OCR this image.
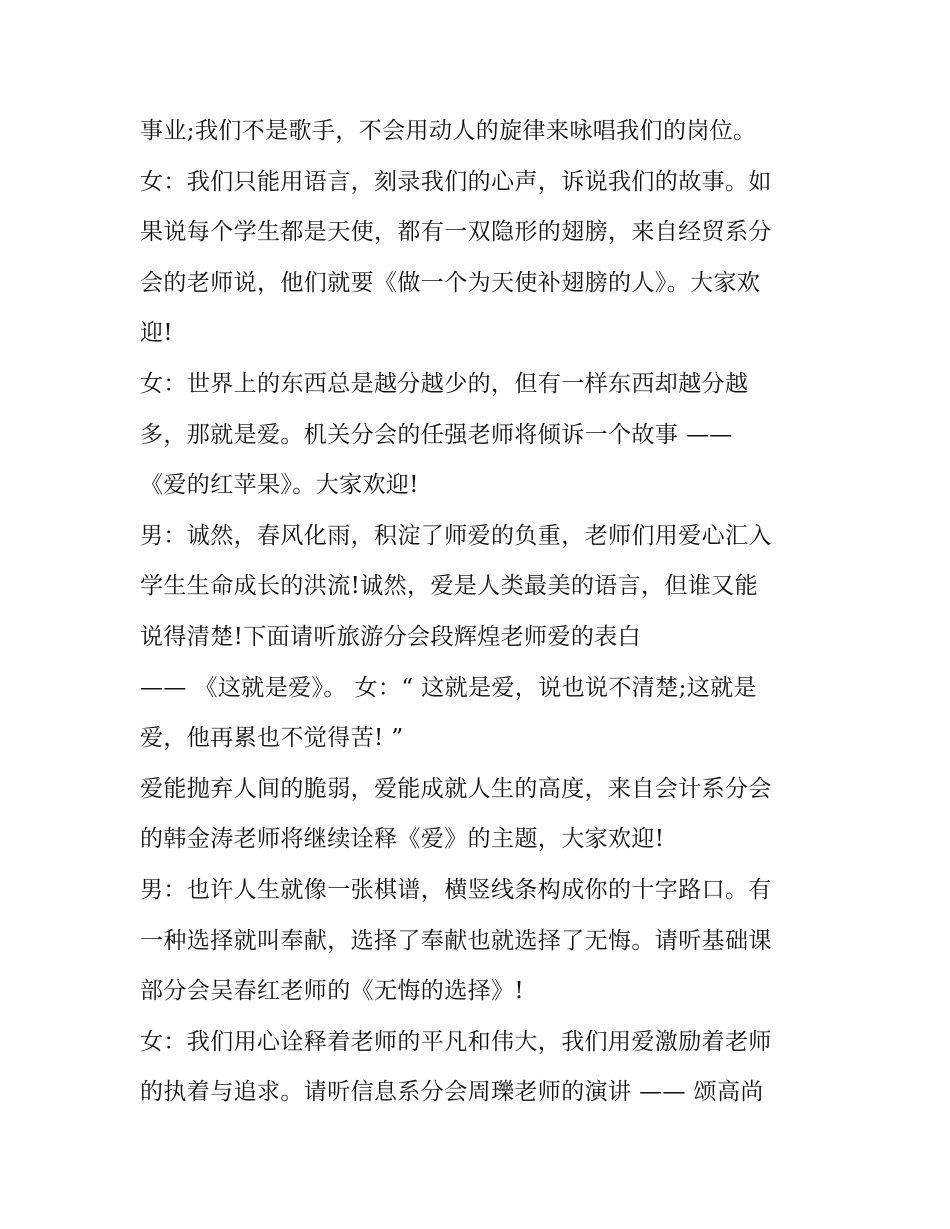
事业;我们不是歌手，不会用动人的旋律来咏唱我们的岗位。
女：我们只能用语言，刻录我们的心声，诉说我们的故事。如
果说每个学生都是天使，都有一双隐形的翅膀，来自经贸系分
会的老师说，他们就要《做一个为天使补翅膀的人》。大家欢
迎!
女：世界上的东西总是越分越少的，但有一样东西却越分越
多，那就是爱。机关分会的任强老师将倾诉一个故事 ——
《爱的红苹果》。大家欢迎!
男：诚然，春风化雨，积淀了师爱的负重，老师们用爱心汇入
学生生命成长的洪流!诚然，爱是人类最美的语言，但谁又能
说得清楚!下面请听旅游分会段辉煌老师爱的表白
—— 《这就是爱》。 女：“ 这就是爱，说也说不清楚;这就是
爱，他再累也不觉得苦! ”
爱能抛弃人间的脆弱，爱能成就人生的高度，来自会计系分会
的韩金涛老师将继续诠释《爱》的主题，大家欢迎!
男：也许人生就像一张棋谱，横竖线条构成你的十字路口。有
一种选择就叫奉献，选择了奉献也就选择了无悔。请听基础课
部分会吴春红老师的《无悔的选择》!
女：我们用心诠释着老师的平凡和伟大，我们用爱激励着老师
的执着与追求。请听信息系分会周瓅老师的演讲 —— 颂高尚
